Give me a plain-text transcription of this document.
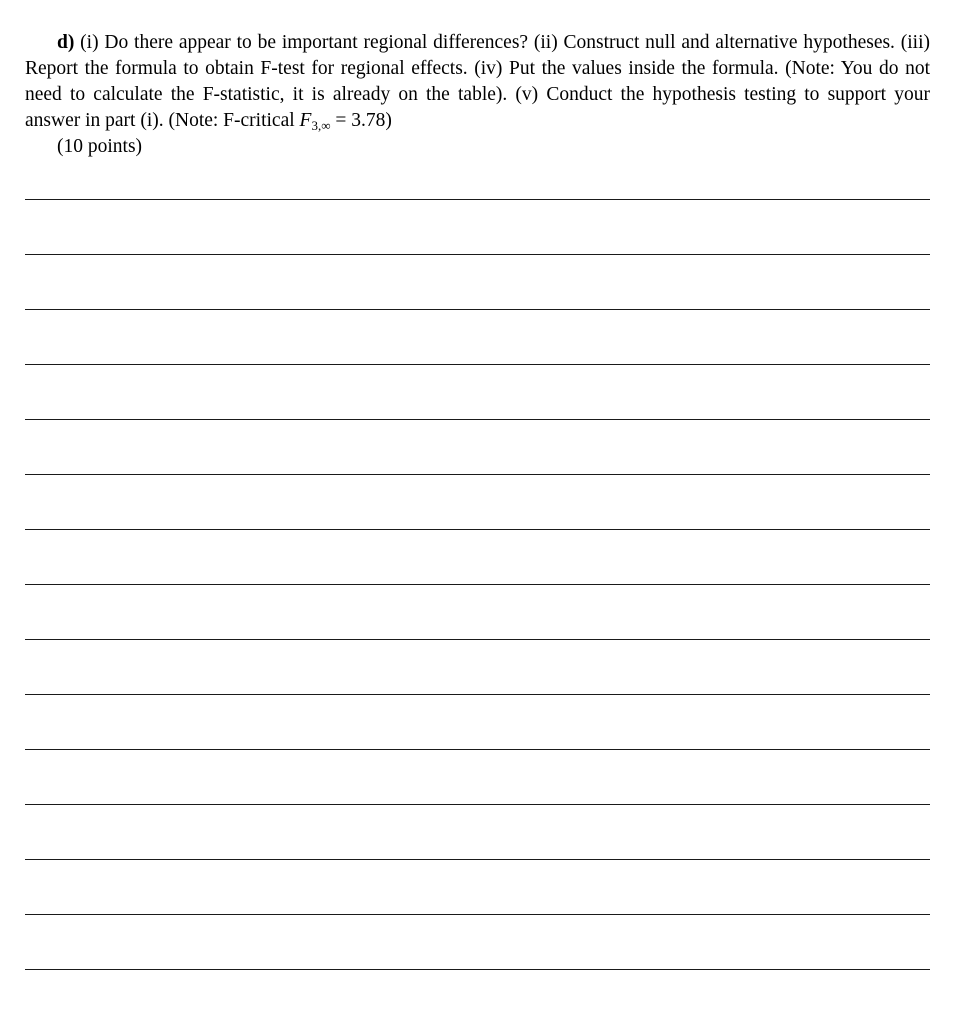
d) (i) Do there appear to be important regional differences? (ii) Construct null and alternative hypotheses. (iii) Report the formula to obtain F-test for regional effects. (iv) Put the values inside the formula. (Note: You do not need to calculate the F-statistic, it is already on the table). (v) Conduct the hypothesis testing to support your answer in part (i). (Note: F-critical $F_{3,\infty} = 3.78$)

(10 points)
